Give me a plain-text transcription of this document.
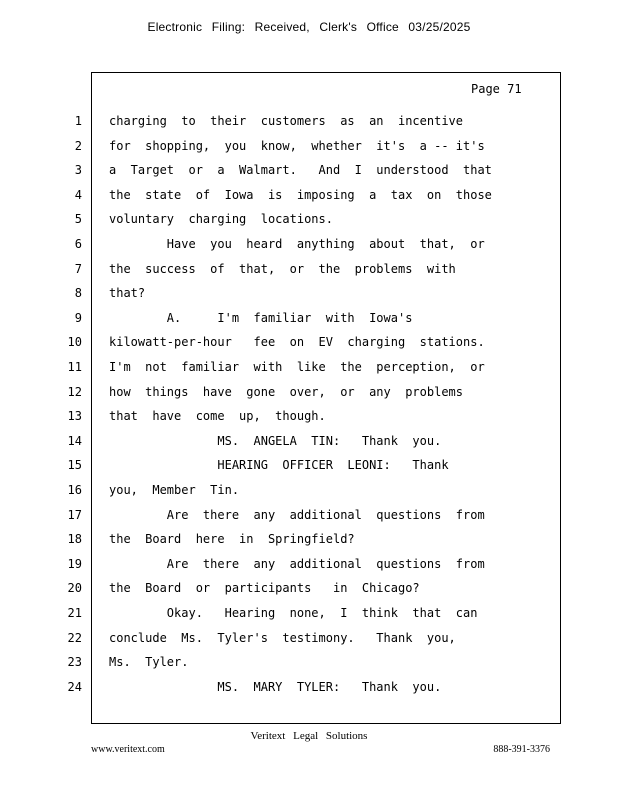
Electronic Filing: Received, Clerk's Office 03/25/2025
Page 71
1 charging  to  their  customers  as  an  incentive
2 for  shopping,  you  know,  whether  it's  a -- it's
3 a  Target  or  a  Walmart.   And  I  understood  that
4 the  state  of  Iowa  is  imposing  a  tax  on  those
5 voluntary  charging  locations.
6 Have  you  heard  anything  about  that,  or
7 the  success  of  that,  or  the  problems  with
8 that?
9 A.     I'm  familiar  with  Iowa's
10 kilowatt-per-hour   fee  on  EV  charging  stations.
11 I'm  not  familiar  with  like  the  perception,  or
12 how  things  have  gone  over,  or  any  problems
13 that  have  come  up,  though.
14 MS.  ANGELA  TIN:   Thank  you.
15 HEARING  OFFICER  LEONI:   Thank
16 you,  Member  Tin.
17 Are  there  any  additional  questions  from
18 the  Board  here  in  Springfield?
19 Are  there  any  additional  questions  from
20 the  Board  or  participants   in  Chicago?
21 Okay.   Hearing  none,  I  think  that  can
22 conclude  Ms.  Tyler's  testimony.   Thank  you,
23 Ms.  Tyler.
24 MS.  MARY  TYLER:   Thank  you.
Veritext Legal Solutions
www.veritext.com	888-391-3376
